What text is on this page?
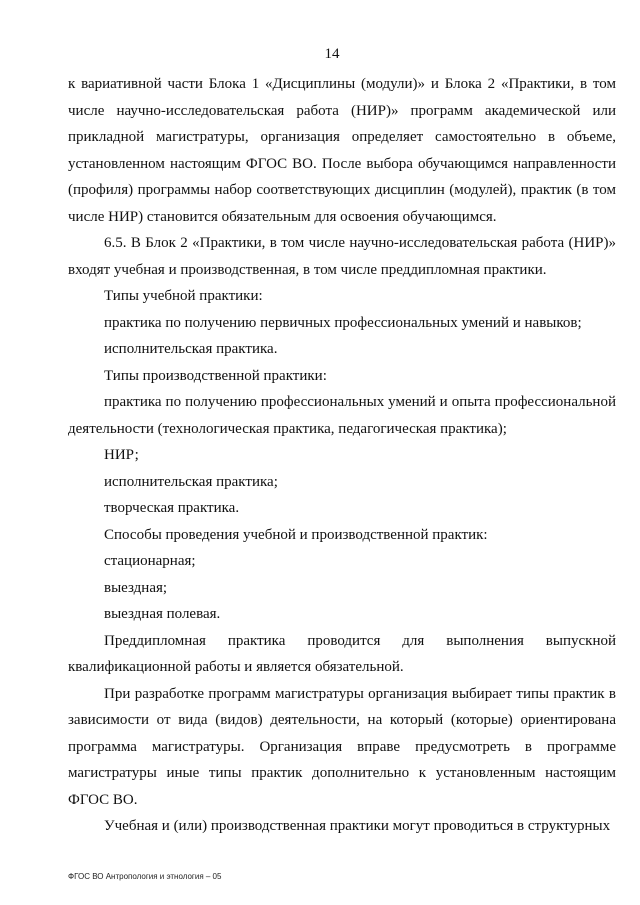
14

к вариативной части Блока 1 «Дисциплины (модули)» и Блока 2 «Практики, в том числе научно-исследовательская работа (НИР)» программ академической или прикладной магистратуры, организация определяет самостоятельно в объеме, установленном настоящим ФГОС ВО. После выбора обучающимся направленности (профиля) программы набор соответствующих дисциплин (модулей), практик (в том числе НИР) становится обязательным для освоения обучающимся.

6.5. В Блок 2 «Практики, в том числе научно-исследовательская работа (НИР)» входят учебная и производственная, в том числе преддипломная практики.

Типы учебной практики:

практика по получению первичных профессиональных умений и навыков;

исполнительская практика.

Типы производственной практики:

практика по получению профессиональных умений и опыта профессиональной деятельности (технологическая практика, педагогическая практика);

НИР;

исполнительская практика;

творческая практика.

Способы проведения учебной и производственной практик:

стационарная;

выездная;

выездная полевая.

Преддипломная практика проводится для выполнения выпускной квалификационной работы и является обязательной.

При разработке программ магистратуры организация выбирает типы практик в зависимости от вида (видов) деятельности, на который (которые) ориентирована программа магистратуры. Организация вправе предусмотреть в программе магистратуры иные типы практик дополнительно к установленным настоящим ФГОС ВО.

Учебная и (или) производственная практики могут проводиться в структурных

ФГОС ВО Антропология и этнология – 05
